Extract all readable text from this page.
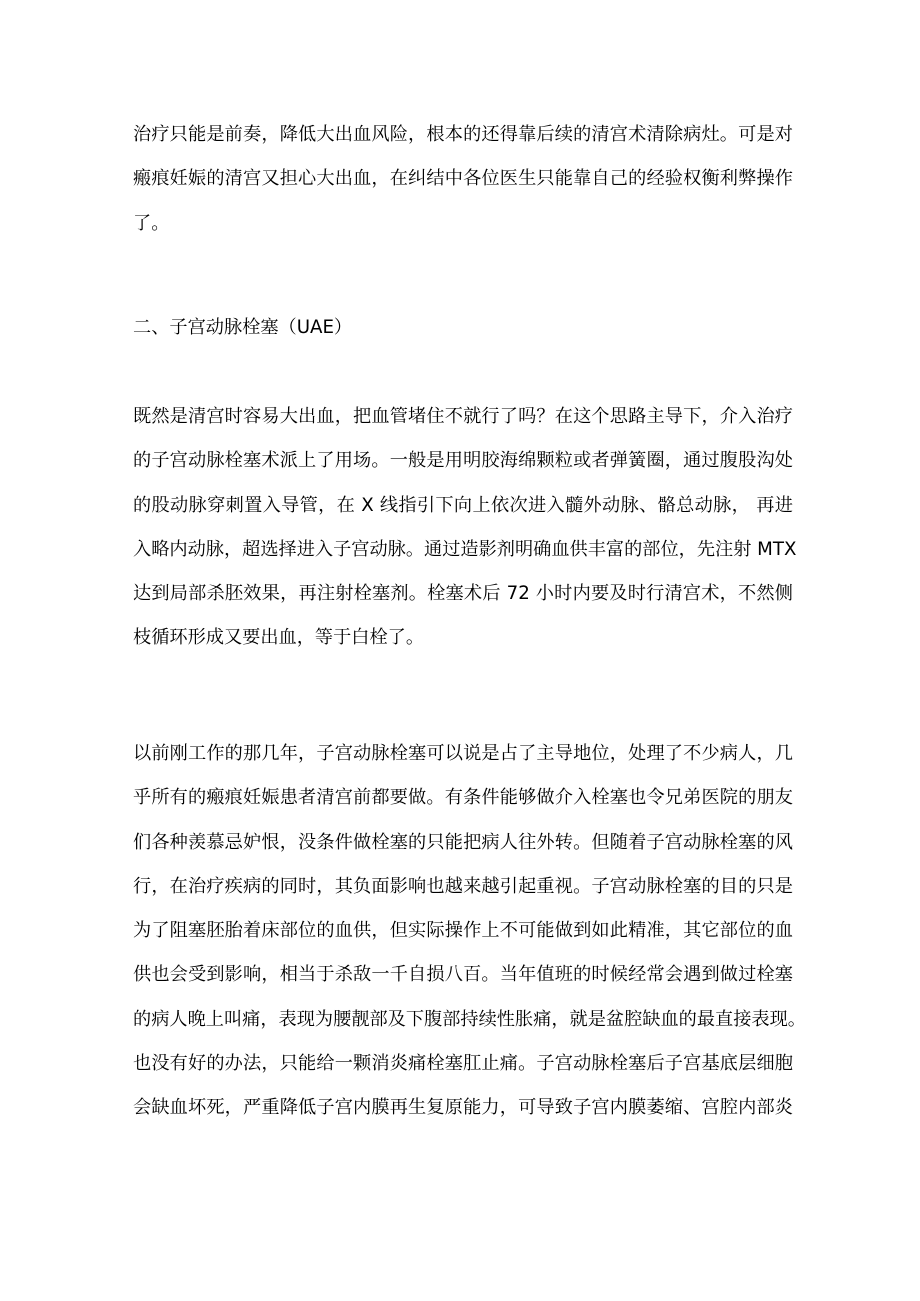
治疗只能是前奏，降低大出血风险，根本的还得靠后续的清宫术清除病灶。可是对
瘢痕妊娠的清宫又担心大出血，在纠结中各位医生只能靠自己的经验权衡利弊操作
了。
二、子宫动脉栓塞（UAE）
既然是清宫时容易大出血，把血管堵住不就行了吗？在这个思路主导下，介入治疗
的子宫动脉栓塞术派上了用场。一般是用明胶海绵颗粒或者弹簧圈，通过腹股沟处
的股动脉穿刺置入导管，在 X 线指引下向上依次进入髓外动脉、骼总动脉， 再进
入略内动脉，超选择进入子宫动脉。通过造影剂明确血供丰富的部位，先注射 MTX
达到局部杀胚效果，再注射栓塞剂。栓塞术后 72 小时内要及时行清宫术，不然侧
枝循环形成又要出血，等于白栓了。
以前刚工作的那几年，子宫动脉栓塞可以说是占了主导地位，处理了不少病人，几
乎所有的瘢痕妊娠患者清宫前都要做。有条件能够做介入栓塞也令兄弟医院的朋友
们各种羡慕忌妒恨，没条件做栓塞的只能把病人往外转。但随着子宫动脉栓塞的风
行，在治疗疾病的同时，其负面影响也越来越引起重视。子宫动脉栓塞的目的只是
为了阻塞胚胎着床部位的血供，但实际操作上不可能做到如此精准，其它部位的血
供也会受到影响，相当于杀敌一千自损八百。当年值班的时候经常会遇到做过栓塞
的病人晚上叫痛，表现为腰靓部及下腹部持续性胀痛，就是盆腔缺血的最直接表现。
也没有好的办法，只能给一颗消炎痛栓塞肛止痛。子宫动脉栓塞后子宫基底层细胞
会缺血坏死，严重降低子宫内膜再生复原能力，可导致子宫内膜萎缩、宫腔内部炎
